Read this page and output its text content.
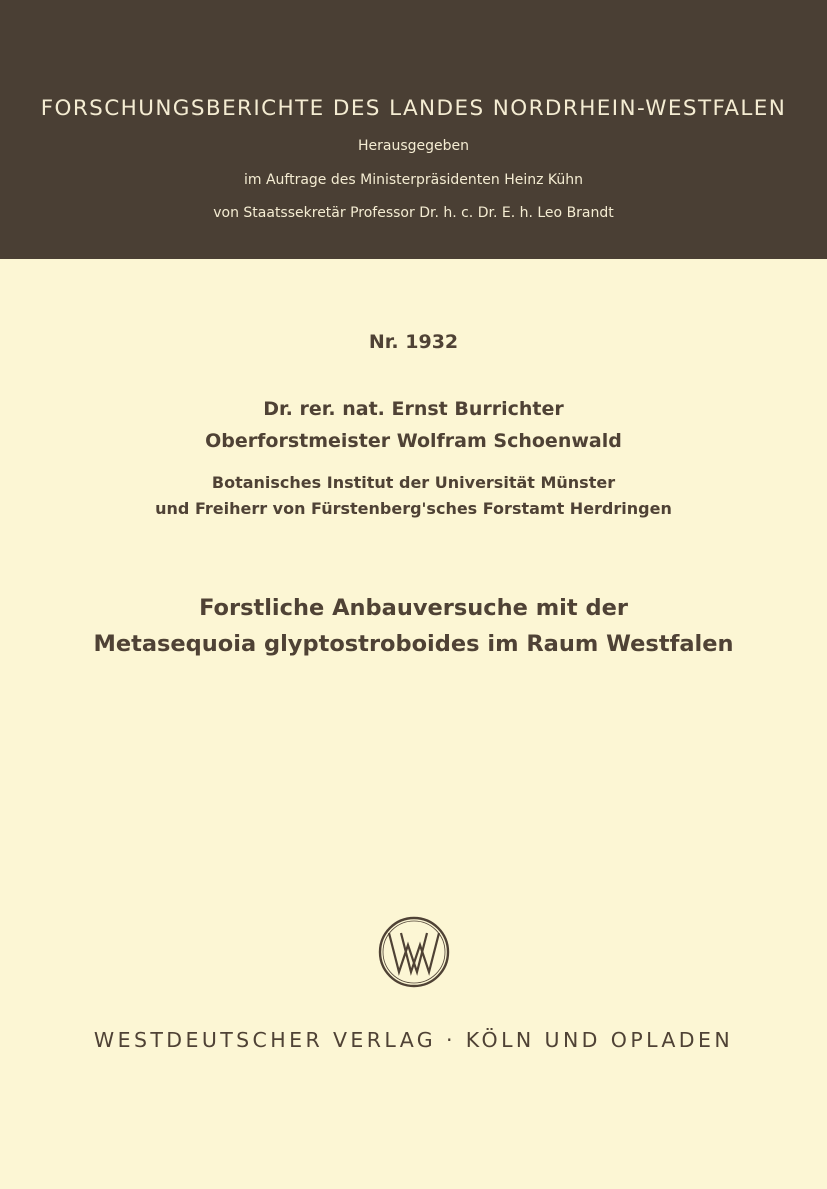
FORSCHUNGSBERICHTE DES LANDES NORDRHEIN-WESTFALEN
Herausgegeben
im Auftrage des Ministerpräsidenten Heinz Kühn
von Staatssekretär Professor Dr. h. c. Dr. E. h. Leo Brandt
Nr. 1932
Dr. rer. nat. Ernst Burrichter
Oberforstmeister Wolfram Schoenwald
Botanisches Institut der Universität Münster
und Freiherr von Fürstenberg'sches Forstamt Herdringen
Forstliche Anbauversuche mit der
Metasequoia glyptostroboides im Raum Westfalen
WESTDEUTSCHER VERLAG · KÖLN UND OPLADEN
